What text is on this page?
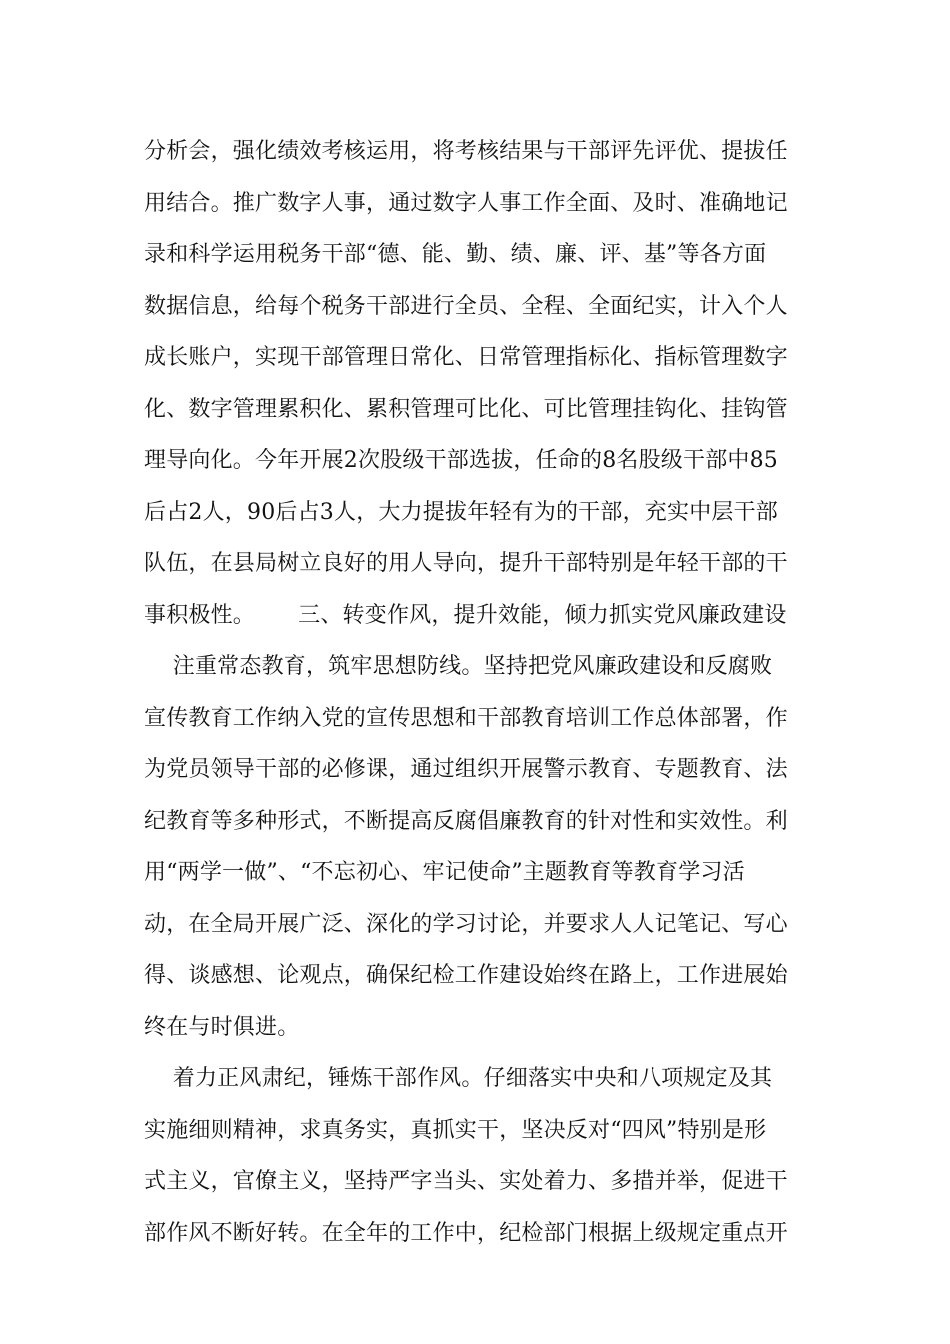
分析会，强化绩效考核运用，将考核结果与干部评先评优、提拔任
用结合。推广数字人事，通过数字人事工作全面、及时、准确地记
录和科学运用税务干部“德、能、勤、绩、廉、评、基”等各方面
数据信息，给每个税务干部进行全员、全程、全面纪实，计入个人
成长账户，实现干部管理日常化、日常管理指标化、指标管理数字
化、数字管理累积化、累积管理可比化、可比管理挂钩化、挂钩管
理导向化。今年开展2次股级干部选拔，任命的8名股级干部中85
后占2人，90后占3人，大力提拔年轻有为的干部，充实中层干部
队伍，在县局树立良好的用人导向，提升干部特别是年轻干部的干
事积极性。      三、转变作风，提升效能，倾力抓实党风廉政建设
注重常态教育，筑牢思想防线。坚持把党风廉政建设和反腐败
宣传教育工作纳入党的宣传思想和干部教育培训工作总体部署，作
为党员领导干部的必修课，通过组织开展警示教育、专题教育、法
纪教育等多种形式，不断提高反腐倡廉教育的针对性和实效性。利
用“两学一做”、“不忘初心、牢记使命”主题教育等教育学习活
动，在全局开展广泛、深化的学习讨论，并要求人人记笔记、写心
得、谈感想、论观点，确保纪检工作建设始终在路上，工作进展始
终在与时俱进。
着力正风肃纪，锤炼干部作风。仔细落实中央和八项规定及其
实施细则精神，求真务实，真抓实干，坚决反对“四风”特别是形
式主义，官僚主义，坚持严字当头、实处着力、多措并举，促进干
部作风不断好转。在全年的工作中，纪检部门根据上级规定重点开
